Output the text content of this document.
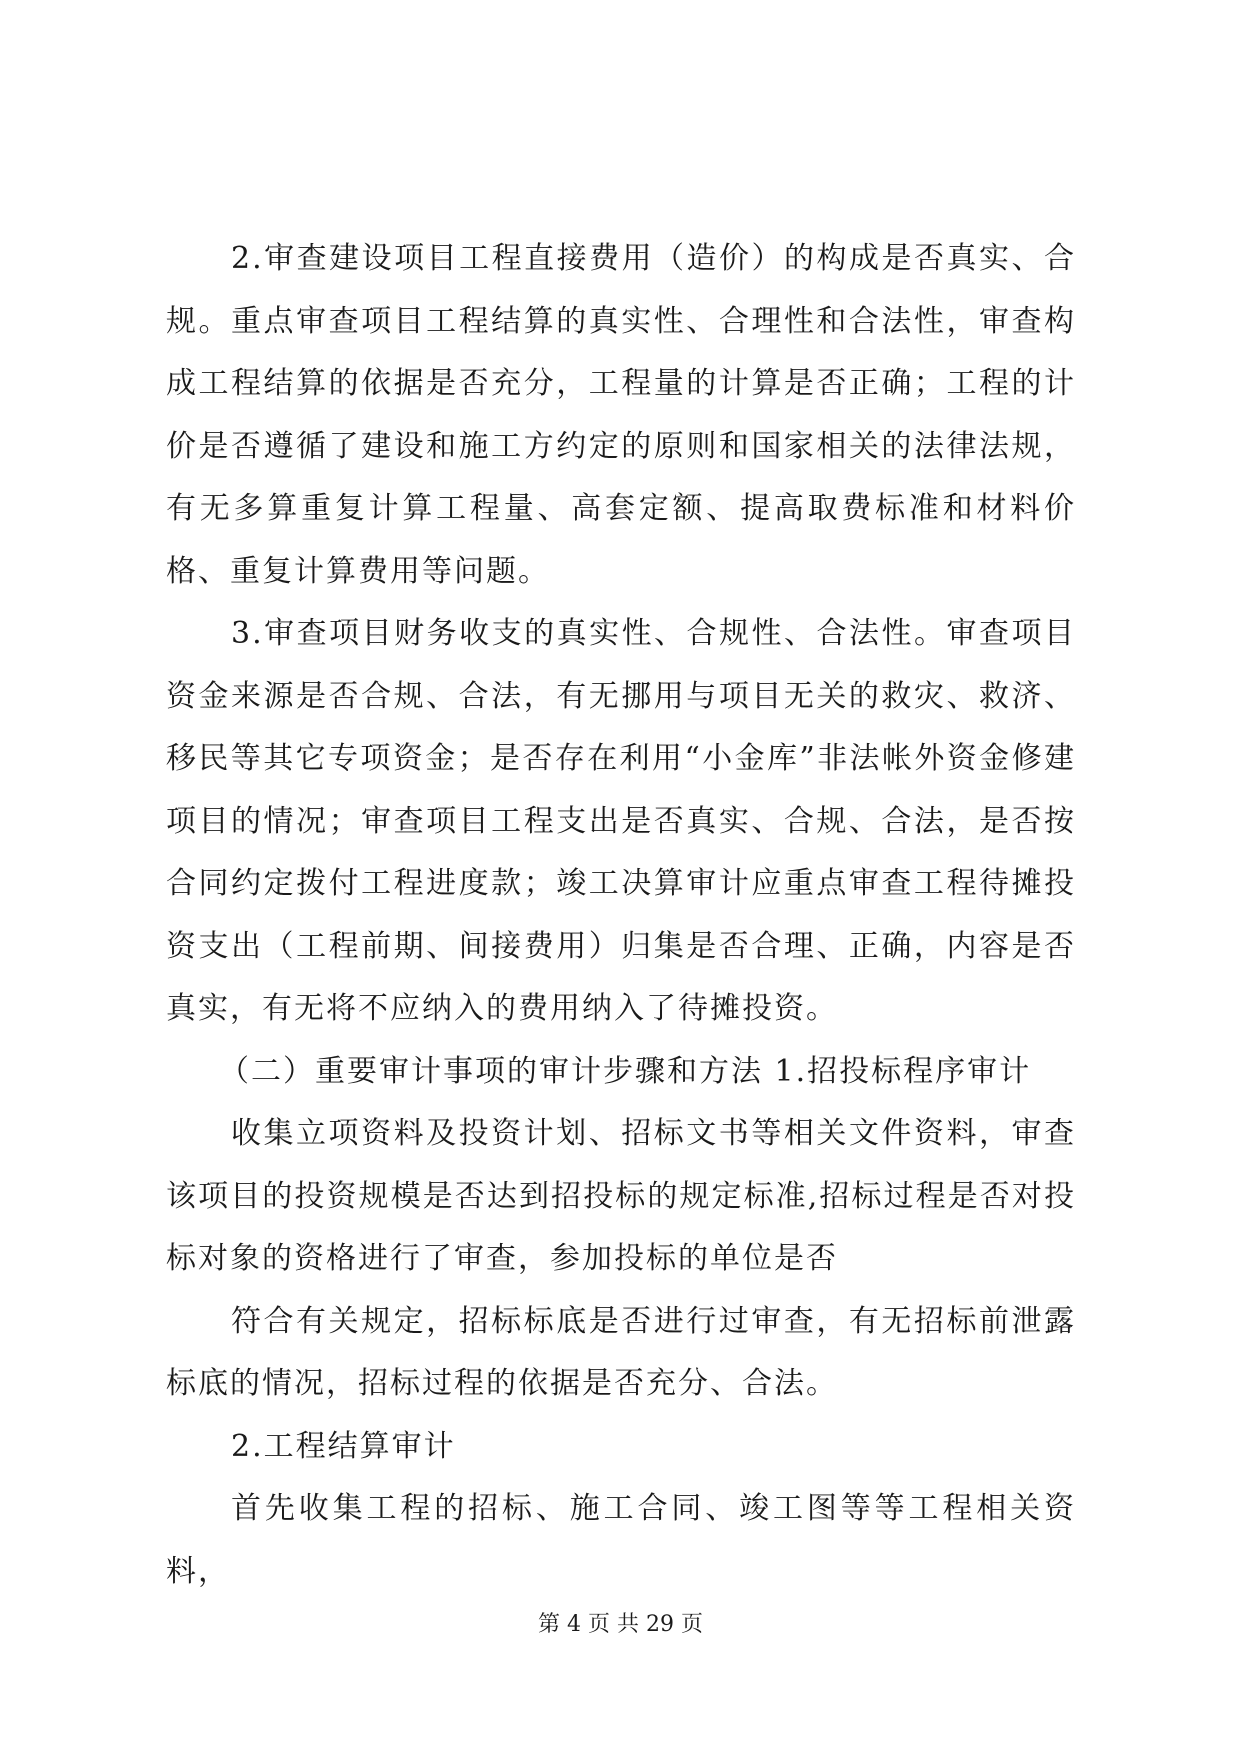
2.审查建设项目工程直接费用（造价）的构成是否真实、合规。重点审查项目工程结算的真实性、合理性和合法性，审查构成工程结算的依据是否充分，工程量的计算是否正确；工程的计价是否遵循了建设和施工方约定的原则和国家相关的法律法规，有无多算重复计算工程量、高套定额、提高取费标准和材料价格、重复计算费用等问题。

3.审查项目财务收支的真实性、合规性、合法性。审查项目资金来源是否合规、合法，有无挪用与项目无关的救灾、救济、移民等其它专项资金；是否存在利用“小金库”非法帐外资金修建项目的情况；审查项目工程支出是否真实、合规、合法，是否按合同约定拨付工程进度款；竣工决算审计应重点审查工程待摊投资支出（工程前期、间接费用）归集是否合理、正确，内容是否真实，有无将不应纳入的费用纳入了待摊投资。

（二）重要审计事项的审计步骤和方法 1.招投标程序审计

收集立项资料及投资计划、招标文书等相关文件资料，审查该项目的投资规模是否达到招投标的规定标准,招标过程是否对投标对象的资格进行了审查，参加投标的单位是否

符合有关规定，招标标底是否进行过审查，有无招标前泄露标底的情况，招标过程的依据是否充分、合法。

2.工程结算审计

首先收集工程的招标、施工合同、竣工图等等工程相关资料，

第 4 页 共 29 页
